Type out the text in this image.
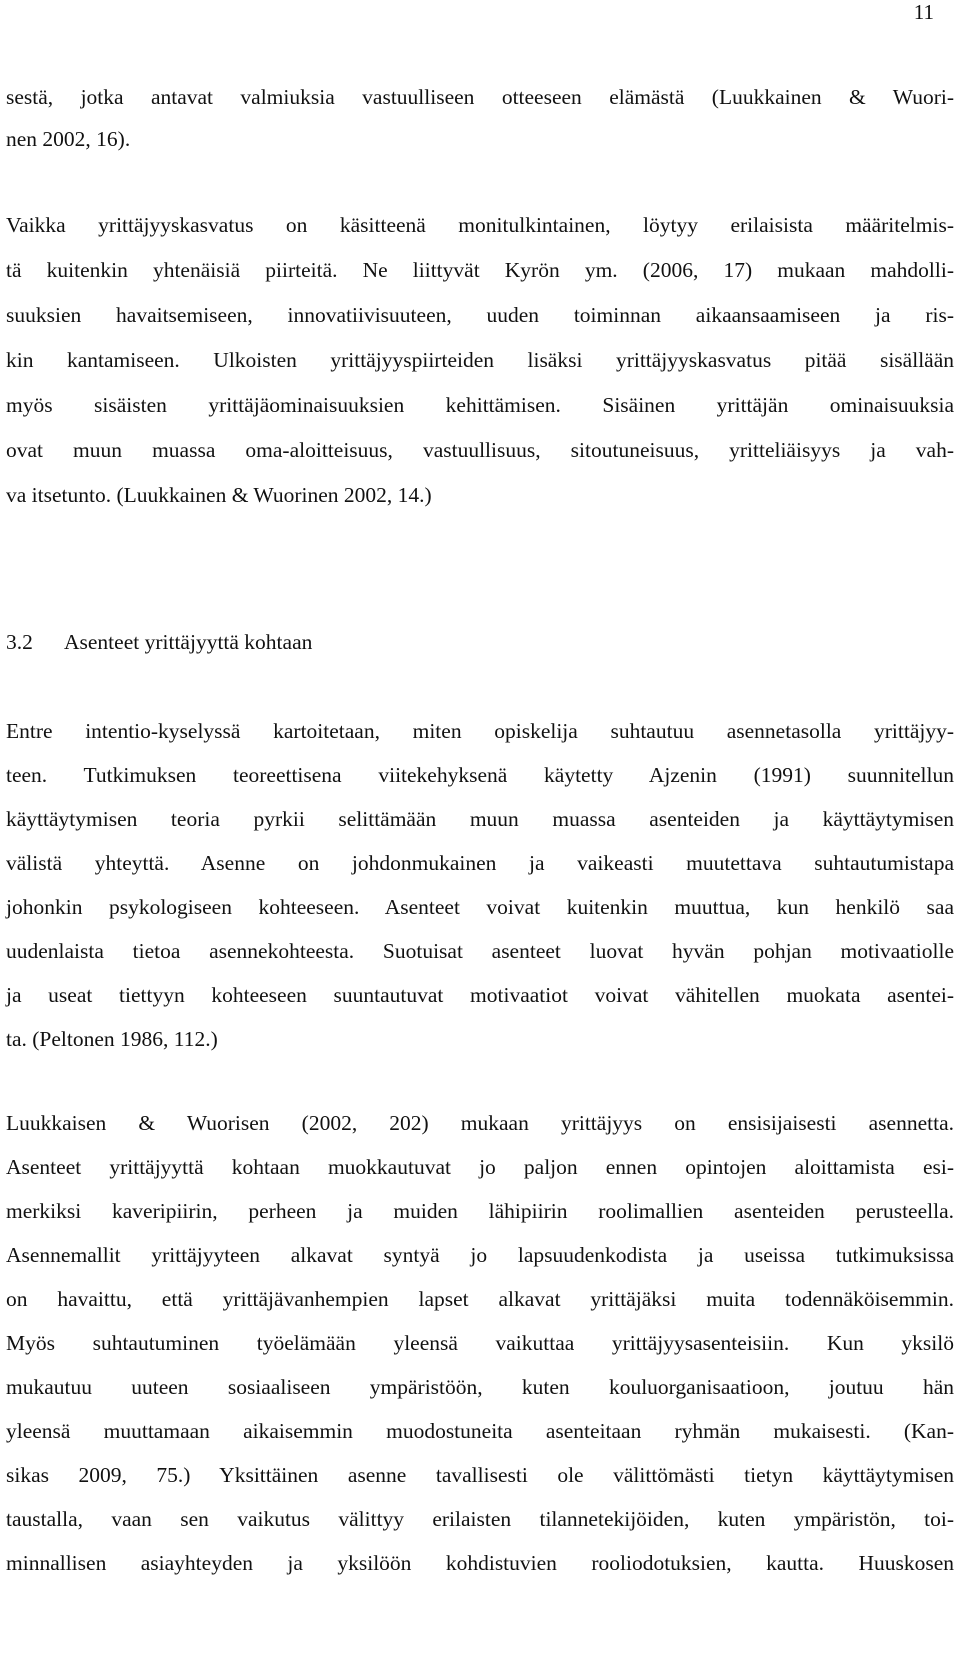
11
sestä, jotka antavat valmiuksia vastuulliseen otteeseen elämästä (Luukkainen & Wuori-
nen 2002, 16).
Vaikka yrittäjyyskasvatus on käsitteenä monitulkintainen, löytyy erilaisista määritelmis-
tä kuitenkin yhtenäisiä piirteitä. Ne liittyvät Kyrön ym. (2006, 17) mukaan mahdolli-
suuksien havaitsemiseen, innovatiivisuuteen, uuden toiminnan aikaansaamiseen ja ris-
kin kantamiseen. Ulkoisten yrittäjyyspiirteiden lisäksi yrittäjyyskasvatus pitää sisällään
myös sisäisten yrittäjäominaisuuksien kehittämisen. Sisäinen yrittäjän ominaisuuksia
ovat muun muassa oma-aloitteisuus, vastuullisuus, sitoutuneisuus, yritteliäisyys ja vah-
va itsetunto. (Luukkainen & Wuorinen 2002, 14.)
3.2 Asenteet yrittäjyyttä kohtaan
Entre intentio-kyselyssä kartoitetaan, miten opiskelija suhtautuu asennetasolla yrittäjyy-
teen. Tutkimuksen teoreettisena viitekehyksenä käytetty Ajzenin (1991) suunnitellun
käyttäytymisen teoria pyrkii selittämään muun muassa asenteiden ja käyttäytymisen
välistä yhteyttä. Asenne on johdonmukainen ja vaikeasti muutettava suhtautumistapa
johonkin psykologiseen kohteeseen. Asenteet voivat kuitenkin muuttua, kun henkilö saa
uudenlaista tietoa asennekohteesta. Suotuisat asenteet luovat hyvän pohjan motivaatiolle
ja useat tiettyyn kohteeseen suuntautuvat motivaatiot voivat vähitellen muokata asentei-
ta. (Peltonen 1986, 112.)
Luukkaisen & Wuorisen (2002, 202) mukaan yrittäjyys on ensisijaisesti asennetta.
Asenteet yrittäjyyttä kohtaan muokkautuvat jo paljon ennen opintojen aloittamista esi-
merkiksi kaveripiirin, perheen ja muiden lähipiirin roolimallien asenteiden perusteella.
Asennemallit yrittäjyyteen alkavat syntyä jo lapsuudenkodista ja useissa tutkimuksissa
on havaittu, että yrittäjävanhempien lapset alkavat yrittäjäksi muita todennäköisemmin.
Myös suhtautuminen työelämään yleensä vaikuttaa yrittäjyysasenteisiin. Kun yksilö
mukautuu uuteen sosiaaliseen ympäristöön, kuten kouluorganisaatioon, joutuu hän
yleensä muuttamaan aikaisemmin muodostuneita asenteitaan ryhmän mukaisesti. (Kan-
sikas 2009, 75.) Yksittäinen asenne tavallisesti ole välittömästi tietyn käyttäytymisen
taustalla, vaan sen vaikutus välittyy erilaisten tilannetekijöiden, kuten ympäristön, toi-
minnallisen asiayhteyden ja yksilöön kohdistuvien rooliodotuksien, kautta. Huuskosen
